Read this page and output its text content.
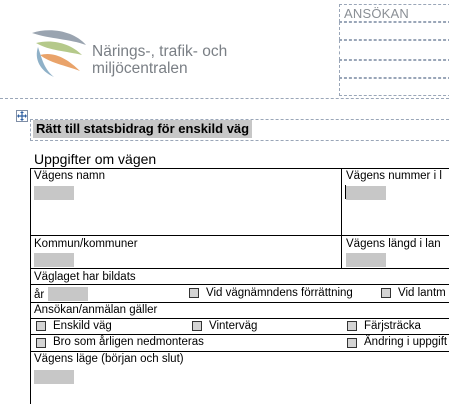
ANSÖKAN
Närings-, trafik- och
miljöcentralen
Rätt till statsbidrag för enskild väg
Uppgifter om vägen
Vägens namn	Vägens nummer i l
Kommun/kommuner	Vägens längd i lan
Väglaget har bildats
år	Vid vägnämndens förrättning	Vid lantm
Ansökan/anmälan gäller
Enskild väg	Vinterväg	Färjsträcka
Bro som årligen nedmonteras	Ändring i uppgift
Vägens läge (början och slut)
